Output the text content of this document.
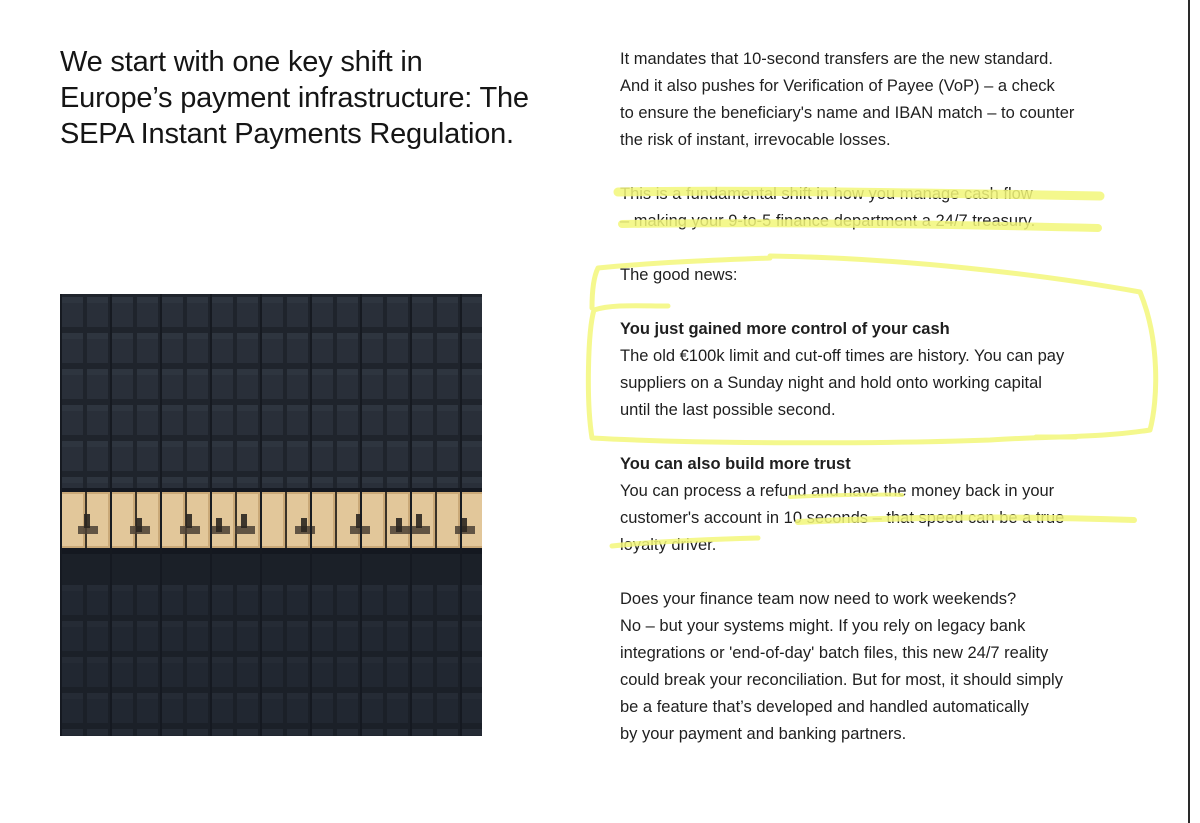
We start with one key shift in Europe’s payment infrastructure: The SEPA Instant Payments Regulation.

It mandates that 10-second transfers are the new standard.
And it also pushes for Verification of Payee (VoP) – a check
to ensure the beneficiary's name and IBAN match – to counter
the risk of instant, irrevocable losses.

This is a fundamental shift in how you manage cash flow
– making your 9-to-5 finance department a 24/7 treasury.

The good news:

You just gained more control of your cash

The old €100k limit and cut-off times are history. You can pay
suppliers on a Sunday night and hold onto working capital
until the last possible second.

You can also build more trust

You can process a refund and have the money back in your
customer's account in 10 seconds – that speed can be a true
loyalty driver.

Does your finance team now need to work weekends?
No – but your systems might. If you rely on legacy bank
integrations or 'end-of-day' batch files, this new 24/7 reality
could break your reconciliation. But for most, it should simply
be a feature that’s developed and handled automatically
by your payment and banking partners.
